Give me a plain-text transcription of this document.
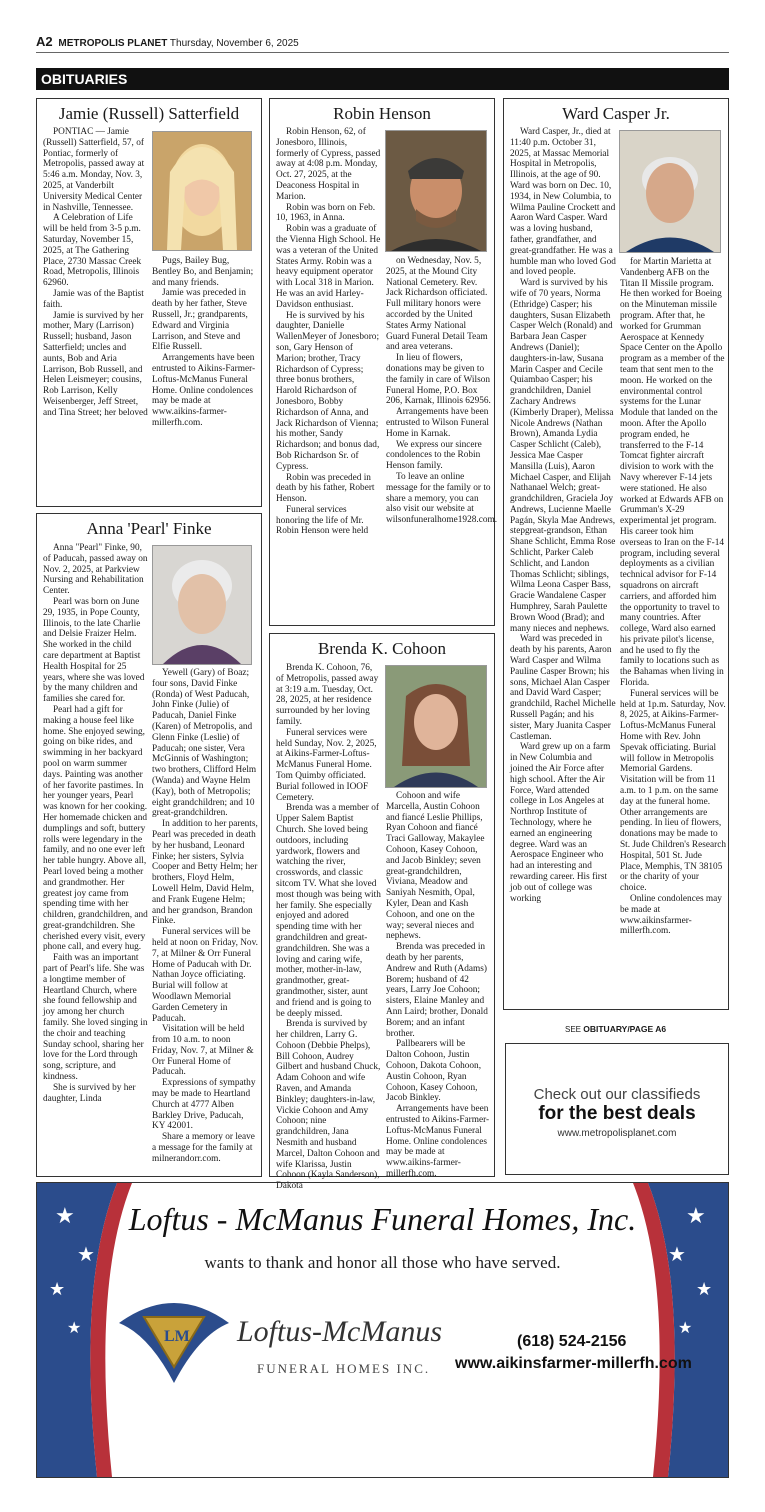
A2 METROPOLIS PLANET Thursday, November 6, 2025
OBITUARIES
Jamie (Russell) Satterfield

PONTIAC — Jamie (Russell) Satterfield, 57, of Pontiac, formerly of Metropolis, passed away at 5:46 a.m. Monday, Nov. 3, 2025, at Vanderbilt University Medical Center in Nashville, Tennessee.

A Celebration of Life will be held from 3-5 p.m. Saturday, November 15, 2025, at The Gathering Place, 2730 Massac Creek Road, Metropolis, Illinois 62960.

Jamie was of the Baptist faith.

Jamie is survived by her mother, Mary (Larrison) Russell; husband, Jason Satterfield; uncles and aunts, Bob and Aria Larrison, Bob Russell, and Helen Leismeyer; cousins, Rob Larrison, Kelly Weisenberger, Jeff Street, and Tina Street; her beloved

Pugs, Bailey Bug, Bentley Bo, and Benjamin; and many friends.

Jamie was preceded in death by her father, Steve Russell, Jr.; grandparents, Edward and Virginia Larrison, and Steve and Elfie Russell.

Arrangements have been entrusted to Aikins-Farmer-Loftus-McManus Funeral Home. Online condolences may be made at www.aikins-farmer-millerfh.com.

Anna 'Pearl' Finke

Anna "Pearl" Finke, 90, of Paducah, passed away on Nov. 2, 2025, at Parkview Nursing and Rehabilitation Center.

Pearl was born on June 29, 1935, in Pope County, Illinois, to the late Charlie and Delsie Fraizer Helm. She worked in the child care department at Baptist Health Hospital for 25 years, where she was loved by the many children and families she cared for.

Pearl had a gift for making a house feel like home. She enjoyed sewing, going on bike rides, and swimming in her backyard pool on warm summer days. Painting was another of her favorite pastimes. In her younger years, Pearl was known for her cooking. Her homemade chicken and dumplings and soft, buttery rolls were legendary in the family, and no one ever left her table hungry. Above all, Pearl loved being a mother and grandmother. Her greatest joy came from spending time with her children, grandchildren, and great-grandchildren. She cherished every visit, every phone call, and every hug.

Faith was an important part of Pearl's life. She was a longtime member of Heartland Church, where she found fellowship and joy among her church family. She loved singing in the choir and teaching Sunday school, sharing her love for the Lord through song, scripture, and kindness.

She is survived by her daughter, Linda

Yewell (Gary) of Boaz; four sons, David Finke (Ronda) of West Paducah, John Finke (Julie) of Paducah, Daniel Finke (Karen) of Metropolis, and Glenn Finke (Leslie) of Paducah; one sister, Vera McGinnis of Washington; two brothers, Clifford Helm (Wanda) and Wayne Helm (Kay), both of Metropolis; eight grandchildren; and 10 great-grandchildren.

In addition to her parents, Pearl was preceded in death by her husband, Leonard Finke; her sisters, Sylvia Cooper and Betty Helm; her brothers, Floyd Helm, Lowell Helm, David Helm, and Frank Eugene Helm; and her grandson, Brandon Finke.

Funeral services will be held at noon on Friday, Nov. 7, at Milner & Orr Funeral Home of Paducah with Dr. Nathan Joyce officiating. Burial will follow at Woodlawn Memorial Garden Cemetery in Paducah.

Visitation will be held from 10 a.m. to noon Friday, Nov. 7, at Milner & Orr Funeral Home of Paducah.

Expressions of sympathy may be made to Heartland Church at 4777 Alben Barkley Drive, Paducah, KY 42001.

Share a memory or leave a message for the family at milnerandorr.com.

Robin Henson

Robin Henson, 62, of Jonesboro, Illinois, formerly of Cypress, passed away at 4:08 p.m. Monday, Oct. 27, 2025, at the Deaconess Hospital in Marion.

Robin was born on Feb. 10, 1963, in Anna.

Robin was a graduate of the Vienna High School. He was a veteran of the United States Army. Robin was a heavy equipment operator with Local 318 in Marion. He was an avid Harley-Davidson enthusiast.

He is survived by his daughter, Danielle WallenMeyer of Jonesboro; son, Gary Henson of Marion; brother, Tracy Richardson of Cypress; three bonus brothers, Harold Richardson of Jonesboro, Bobby Richardson of Anna, and Jack Richardson of Vienna; his mother, Sandy Richardson; and bonus dad, Bob Richardson Sr. of Cypress.

Robin was preceded in death by his father, Robert Henson.

Funeral services honoring the life of Mr. Robin Henson were held

on Wednesday, Nov. 5, 2025, at the Mound City National Cemetery. Rev. Jack Richardson officiated. Full military honors were accorded by the United States Army National Guard Funeral Detail Team and area veterans.

In lieu of flowers, donations may be given to the family in care of Wilson Funeral Home, P.O. Box 206, Karnak, Illinois 62956.

Arrangements have been entrusted to Wilson Funeral Home in Karnak.

We express our sincere condolences to the Robin Henson family.

To leave an online message for the family or to share a memory, you can also visit our website at wilsonfuneralhome1928.com.

Brenda K. Cohoon

Brenda K. Cohoon, 76, of Metropolis, passed away at 3:19 a.m. Tuesday, Oct. 28, 2025, at her residence surrounded by her loving family.

Funeral services were held Sunday, Nov. 2, 2025, at Aikins-Farmer-Loftus-McManus Funeral Home. Tom Quimby officiated. Burial followed in IOOF Cemetery.

Brenda was a member of Upper Salem Baptist Church. She loved being outdoors, including yardwork, flowers and watching the river, crosswords, and classic sitcom TV. What she loved most though was being with her family. She especially enjoyed and adored spending time with her grandchildren and great-grandchildren. She was a loving and caring wife, mother, mother-in-law, grandmother, great-grandmother, sister, aunt and friend and is going to be deeply missed.

Brenda is survived by her children, Larry G. Cohoon (Debbie Phelps), Bill Cohoon, Audrey Gilbert and husband Chuck, Adam Cohoon and wife Raven, and Amanda Binkley; daughters-in-law, Vickie Cohoon and Amy Cohoon; nine grandchildren, Jana Nesmith and husband Marcel, Dalton Cohoon and wife Klarissa, Justin Cohoon (Kayla Sanderson), Dakota

Cohoon and wife Marcella, Austin Cohoon and fiancé Leslie Phillips, Ryan Cohoon and fiancé Traci Galloway, Makaylee Cohoon, Kasey Cohoon, and Jacob Binkley; seven great-grandchildren, Viviana, Meadow and Saniyah Nesmith, Opal, Kyler, Dean and Kash Cohoon, and one on the way; several nieces and nephews.

Brenda was preceded in death by her parents, Andrew and Ruth (Adams) Borem; husband of 42 years, Larry Joe Cohoon; sisters, Elaine Manley and Ann Laird; brother, Donald Borem; and an infant brother.

Pallbearers will be Dalton Cohoon, Justin Cohoon, Dakota Cohoon, Austin Cohoon, Ryan Cohoon, Kasey Cohoon, Jacob Binkley.

Arrangements have been entrusted to Aikins-Farmer-Loftus-McManus Funeral Home. Online condolences may be made at www.aikins-farmer-millerfh.com.

Ward Casper Jr.

Ward Casper, Jr., died at 11:40 p.m. October 31, 2025, at Massac Memorial Hospital in Metropolis, Illinois, at the age of 90. Ward was born on Dec. 10, 1934, in New Columbia, to Wilma Pauline Crockett and Aaron Ward Casper. Ward was a loving husband, father, grandfather, and great-grandfather. He was a humble man who loved God and loved people.

Ward is survived by his wife of 70 years, Norma (Ethridge) Casper; his daughters, Susan Elizabeth Casper Welch (Ronald) and Barbara Jean Casper Andrews (Daniel); daughters-in-law, Susana Marin Casper and Cecile Quiambao Casper; his grandchildren, Daniel Zachary Andrews (Kimberly Draper), Melissa Nicole Andrews (Nathan Brown), Amanda Lydia Casper Schlicht (Caleb), Jessica Mae Casper Mansilla (Luis), Aaron Michael Casper, and Elijah Nathanael Welch; great-grandchildren, Graciela Joy Andrews, Lucienne Maelle Pagán, Skyla Mae Andrews, stepgreat-grandson, Ethan Shane Schlicht, Emma Rose Schlicht, Parker Caleb Schlicht, and Landon Thomas Schlicht; siblings, Wilma Leona Casper Bass, Gracie Wandalene Casper Humphrey, Sarah Paulette Brown Wood (Brad); and many nieces and nephews.

Ward was preceded in death by his parents, Aaron Ward Casper and Wilma Pauline Casper Brown; his sons, Michael Alan Casper and David Ward Casper; grandchild, Rachel Michelle Russell Pagán; and his sister, Mary Juanita Casper Castleman.

Ward grew up on a farm in New Columbia and joined the Air Force after high school. After the Air Force, Ward attended college in Los Angeles at Northrop Institute of Technology, where he earned an engineering degree. Ward was an Aerospace Engineer who had an interesting and rewarding career. His first job out of college was working

for Martin Marietta at Vandenberg AFB on the Titan II Missile program. He then worked for Boeing on the Minuteman missile program. After that, he worked for Grumman Aerospace at Kennedy Space Center on the Apollo program as a member of the team that sent men to the moon. He worked on the environmental control systems for the Lunar Module that landed on the moon. After the Apollo program ended, he transferred to the F-14 Tomcat fighter aircraft division to work with the Navy wherever F-14 jets were stationed. He also worked at Edwards AFB on Grumman's X-29 experimental jet program. His career took him overseas to Iran on the F-14 program, including several deployments as a civilian technical advisor for F-14 squadrons on aircraft carriers, and afforded him the opportunity to travel to many countries. After college, Ward also earned his private pilot's license, and he used to fly the family to locations such as the Bahamas when living in Florida.

Funeral services will be held at 1p.m. Saturday, Nov. 8, 2025, at Aikins-Farmer-Loftus-McManus Funeral Home with Rev. John Spevak officiating. Burial will follow in Metropolis Memorial Gardens. Visitation will be from 11 a.m. to 1 p.m. on the same day at the funeral home. Other arrangements are pending. In lieu of flowers, donations may be made to St. Jude Children's Research Hospital, 501 St. Jude Place, Memphis, TN 38105 or the charity of your choice.

Online condolences may be made at www.aikinsfarmer-millerfh.com.

SEE OBITUARY/PAGE A6
Check out our classifieds
for the best deals
www.metropolisplanet.com
★
★
★
★
★
★
★
★
Loftus - McManus Funeral Homes, Inc.
wants to thank and honor all those who have served.
LM Loftus-McManus
FUNERAL HOMES INC.
(618) 524-2156
www.aikinsfarmer-millerfh.com
